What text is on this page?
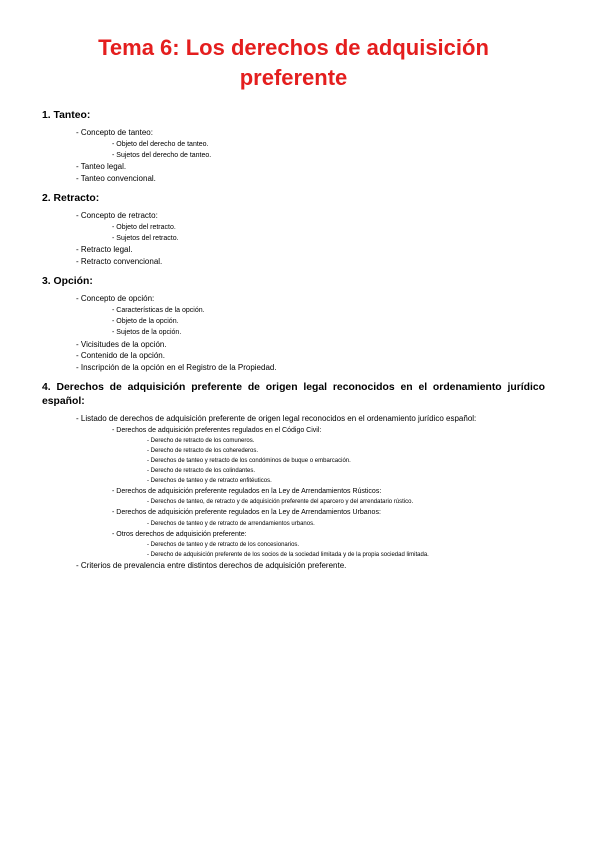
Tema 6: Los derechos de adquisición
preferente
1. Tanteo:
- Concepto de tanteo:
- Objeto del derecho de tanteo.
- Sujetos del derecho de tanteo.
- Tanteo legal.
- Tanteo convencional.
2. Retracto:
- Concepto de retracto:
- Objeto del retracto.
- Sujetos del retracto.
- Retracto legal.
- Retracto convencional.
3. Opción:
- Concepto de opción:
- Características de la opción.
- Objeto de la opción.
- Sujetos de la opción.
- Vicisitudes de la opción.
- Contenido de la opción.
- Inscripción de la opción en el Registro de la Propiedad.
4. Derechos de adquisición preferente de origen legal reconocidos en el ordenamiento jurídico español:
- Listado de derechos de adquisición preferente de origen legal reconocidos en el ordenamiento jurídico español:
- Derechos de adquisición preferentes regulados en el Código Civil:
- Derecho de retracto de los comuneros.
- Derecho de retracto de los coherederos.
- Derechos de tanteo y retracto de los condóminos de buque o embarcación.
- Derecho de retracto de los colindantes.
- Derechos de tanteo y de retracto enfitéuticos.
- Derechos de adquisición preferente regulados en la Ley de Arrendamientos Rústicos:
- Derechos de tanteo, de retracto y de adquisición preferente del aparcero y del arrendatario rústico.
- Derechos de adquisición preferente regulados en la Ley de Arrendamientos Urbanos:
- Derechos de tanteo y de retracto de arrendamientos urbanos.
- Otros derechos de adquisición preferente:
- Derechos de tanteo y de retracto de los concesionarios.
- Derecho de adquisición preferente de los socios de la sociedad limitada y de la propia sociedad limitada.
- Criterios de prevalencia entre distintos derechos de adquisición preferente.
